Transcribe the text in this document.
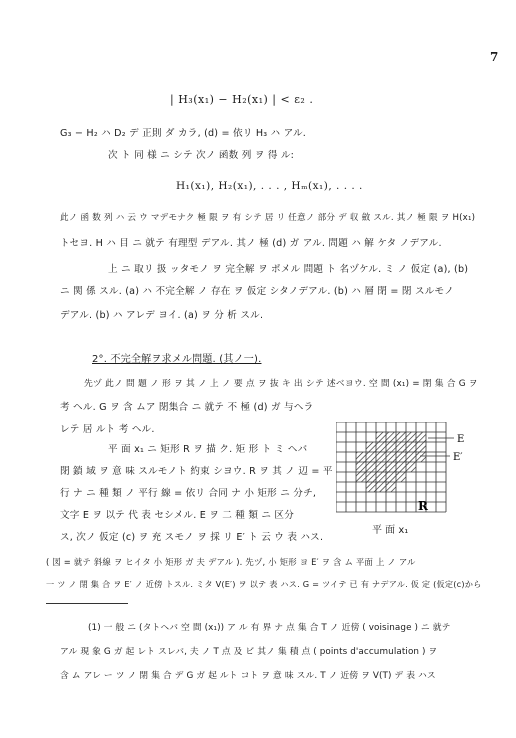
7
| H₃(x₁) − H₂(x₁) | < ε₂ .
G₃ − H₂ ハ D₂ デ 正則 ダ カラ, (d) = 依リ H₃ ハ アル.
次 ト 同 様 ニ シテ 次ノ 函数 列 ヲ 得 ル:
H₁(x₁), H₂(x₁), . . . , Hₘ(x₁), . . . .
此ノ 函 数 列 ハ 云 ウ マデモナク 極 限 ヲ 有 シテ 居 リ 任意ノ 部分 デ 収 斂 スル. 其ノ 極 限 ヲ H(x₁)
トセヨ. H ハ 目 ニ 就テ 有理型 デアル. 其ノ 極 (d) ガ アル. 問題 ハ 解 ケタ ノデアル.
上 ニ 取リ 扱 ッタモノ ヲ 完全解 ヲ ポメル 問題 ト 名ヅケル. ミ ノ 仮定 (a), (b)
ニ 関 係 スル. (a) ハ 不完全解 ノ 存在 ヲ 仮定 シタノデアル. (b) ハ 層 閉 = 閉 スルモノ
デアル. (b) ハ アレデ ヨイ. (a) ヲ 分 析 スル.
2°. 不完全解ヲ求メル問題. (其ノ一).
先ヅ 此ノ 問 題 ノ 形 ヲ 其 ノ 上 ノ 要 点 ヲ 抜 キ 出 シテ 述ベヨウ. 空 間 (x₁) = 閉 集 合 G ヲ
考 ヘル. G ヲ 含 ムア 閉集合 ニ 就テ 不 極 (d) ガ 与ヘラ
レテ 居 ルト 考 ヘル.
平 面 x₁ ニ 矩形 R ヲ 描 ク. 矩 形 ト ミ ヘバ
閉 鎖 域 ヲ 意 味 スルモノト 約束 シヨウ. R ヲ 其 ノ 辺 = 平
行 ナ ニ 種 類 ノ 平行 線 = 依リ 合同 ナ 小 矩形 ニ 分チ,
文字 E ヲ 以テ 代 表 セシメル. E ヲ 二 種 類 ニ 区分
ス, 次ノ 仮定 (c) ヲ 充 スモノ ヲ 採 リ E′ ト 云 ウ 表 ハス.
( 図 = 就テ 斜線 ヲ ヒイタ 小 矩形 ガ 夫 デアル ). 先ヅ, 小 矩形 ヨ E′ ヲ 含 ム 平面 上 ノ アル
一 ツ ノ 閉 集 合 ヲ E′ ノ 近傍 トスル. ミタ V(E′) ヲ 以テ 表 ハス. G = ツイテ 已 有 ナデアル. 仮 定 (仮定(c)から
(1) 一 般 ニ (タトヘバ 空 間 (x₁)) ア ル 有 界 ナ 点 集 合 T ノ 近傍 ( voisinage ) ニ 就テ
アル 現 象 G ガ 起 レト スレバ, 夫 ノ T 点 及 ビ 其ノ 集 積 点 ( points d'accumulation ) ヲ
含 ム アレ ー ツ ノ 閉 集 合 デ G ガ 起 ルト コト ヲ 意 味 スル. T ノ 近傍 ヲ V(T) デ 表 ハス
E
E′
R
平 面 x₁
